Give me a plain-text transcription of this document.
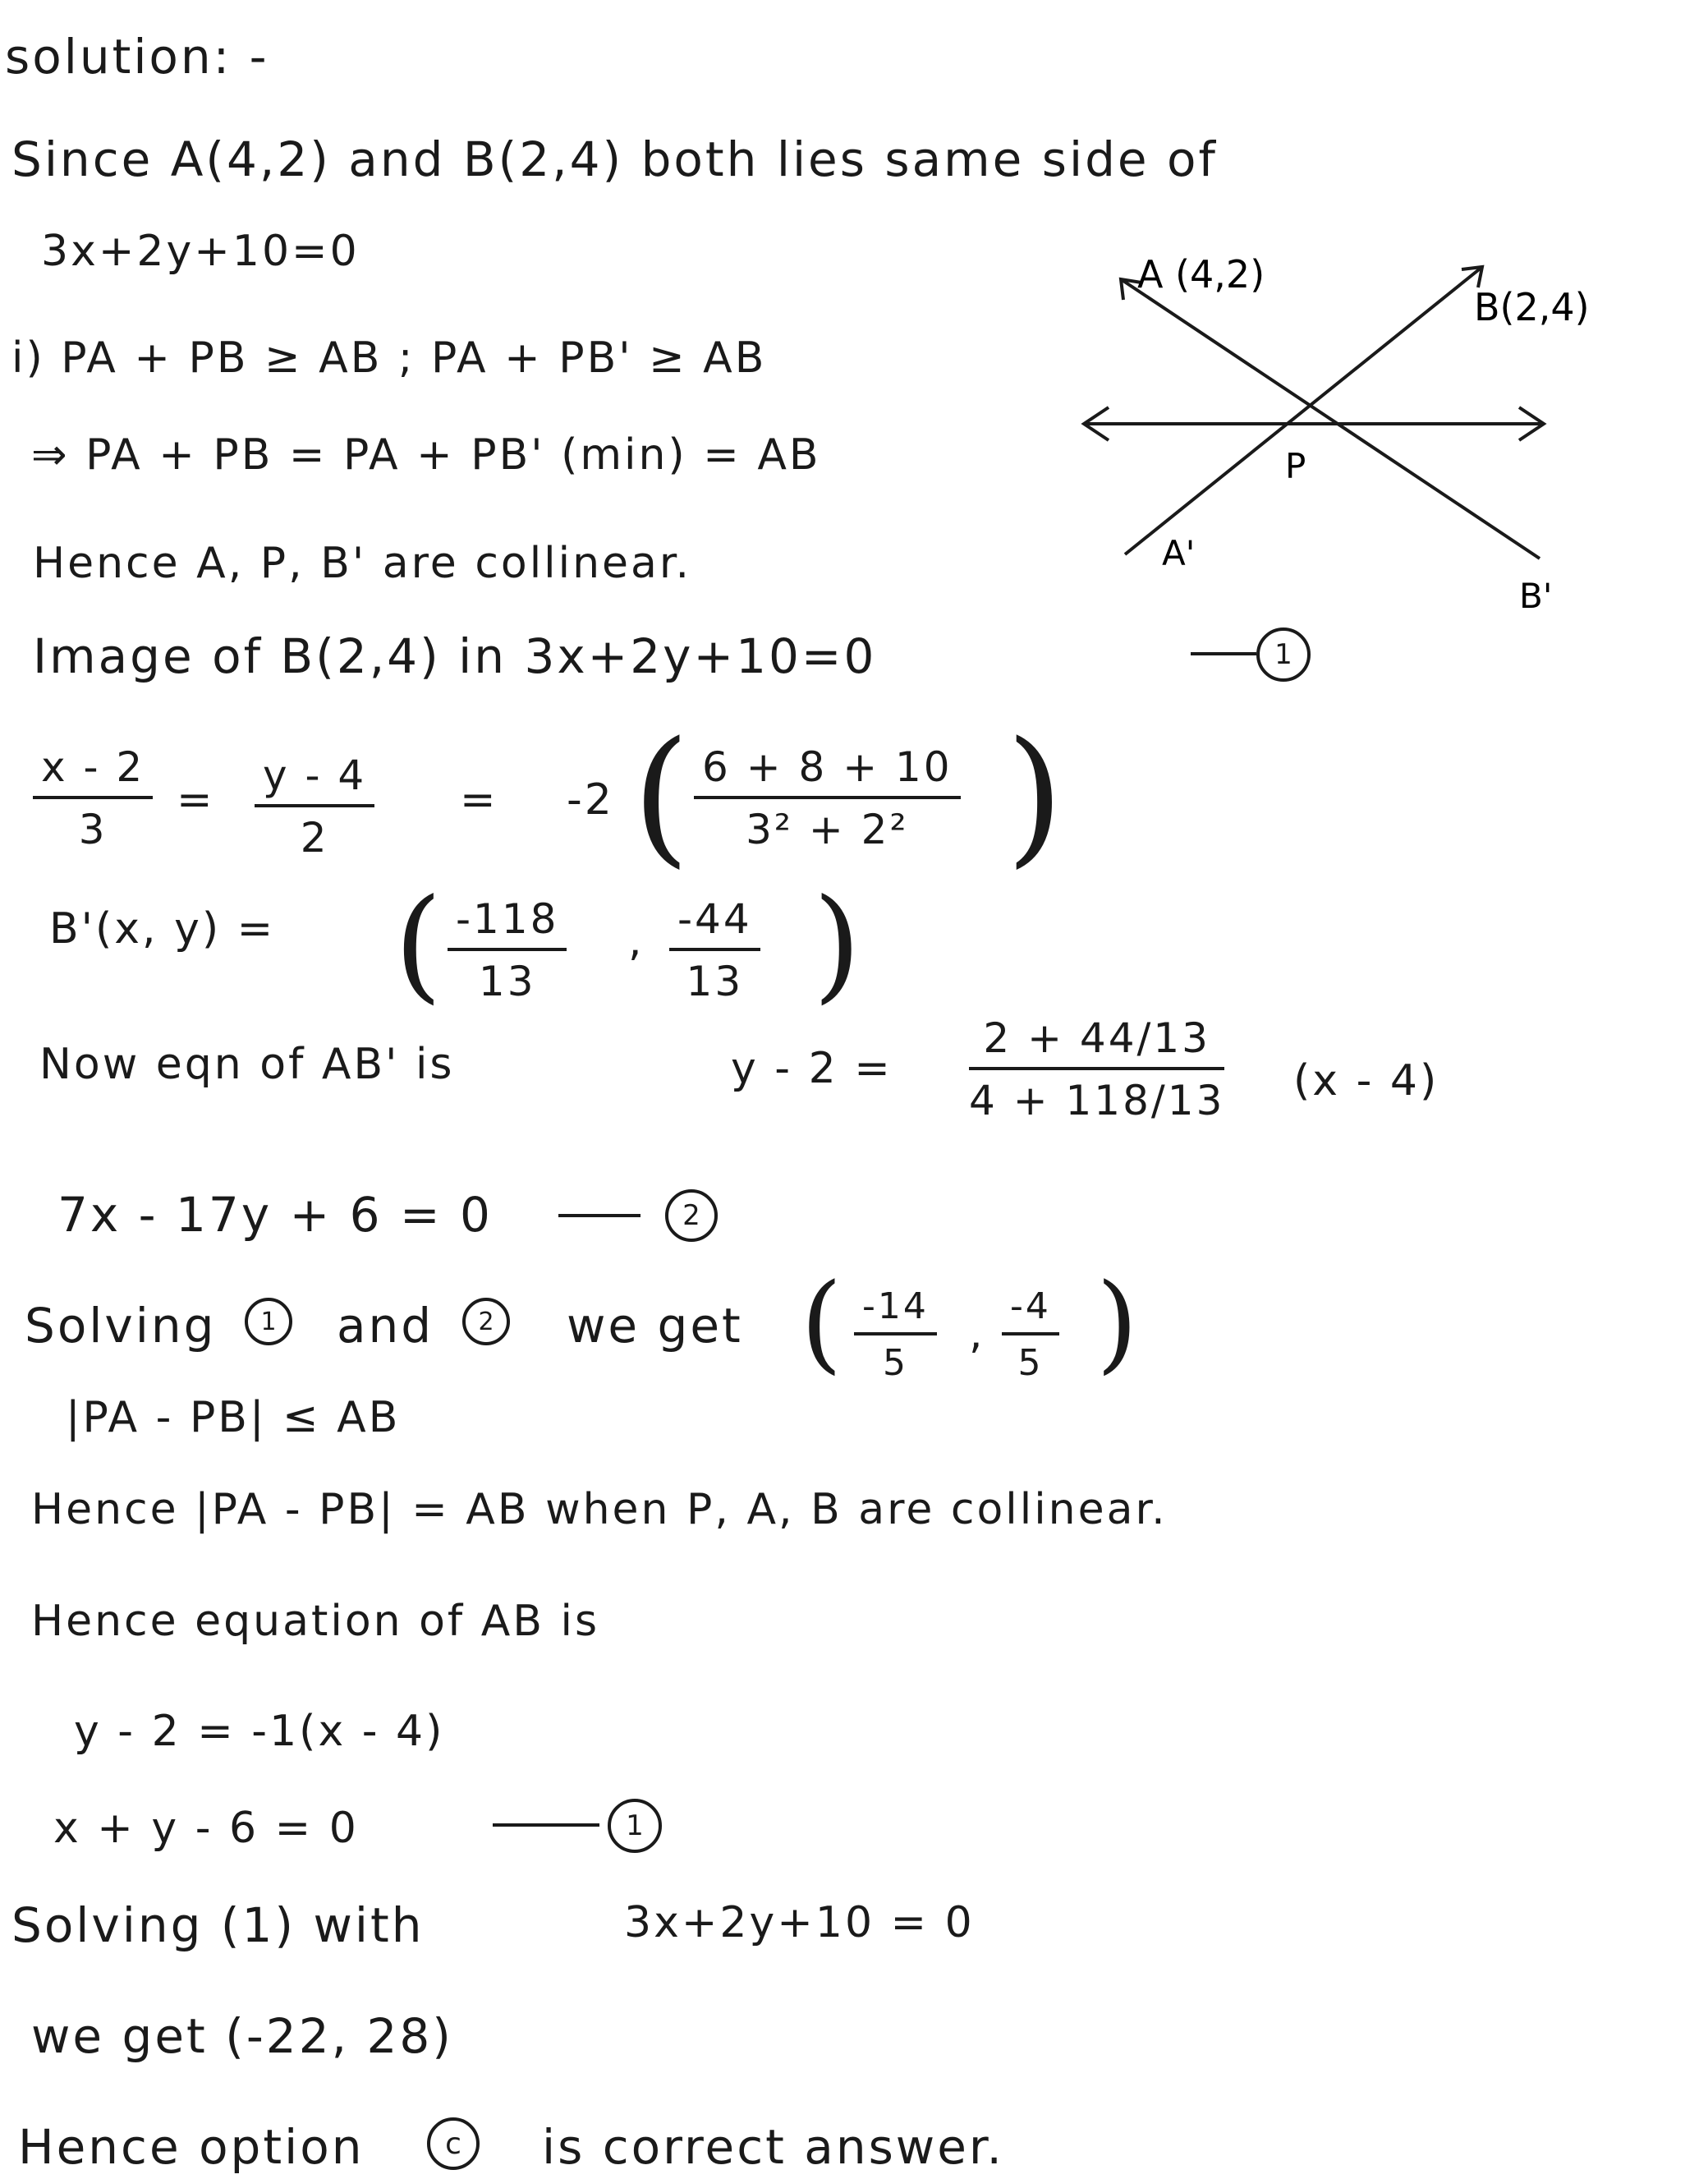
solution: -
Since A(4,2) and B(2,4) both lies same side of
3x+2y+10=0	A (4,2)
B(2,4)
P
A'
B'
i) PA + PB ≥ AB ; PA + PB' ≥ AB
⇒ PA + PB = PA + PB' (min) = AB
Hence A, P, B' are collinear.
Image of B(2,4) in 3x+2y+10=0	1
$\frac{x - 2}{3} = \frac{y - 4}{2} = -2$ ( $\frac{6 + 8 + 10}{\text{3² + 2²}}$ )
B'(x, y) = ( $\frac{-118}{13}$ , $\frac{-44}{13}$ )
Now eqn of AB' is	$y - 2 = \frac{2 + 44/13}{4 + 118/13} (x - 4)$
7x - 17y + 6 = 0	2
Solving	1	and	2	we get ( $\frac{-14}{5}$ , $\frac{-4}{5}$ )
|PA - PB| ≤ AB
Hence |PA - PB| = AB when P, A, B are collinear.
Hence equation of AB is
y - 2 = -1(x - 4)
x + y - 6 = 0	1
Solving (1) with	3x+2y+10 = 0
we get (-22, 28)
Hence option	c	is correct answer.
